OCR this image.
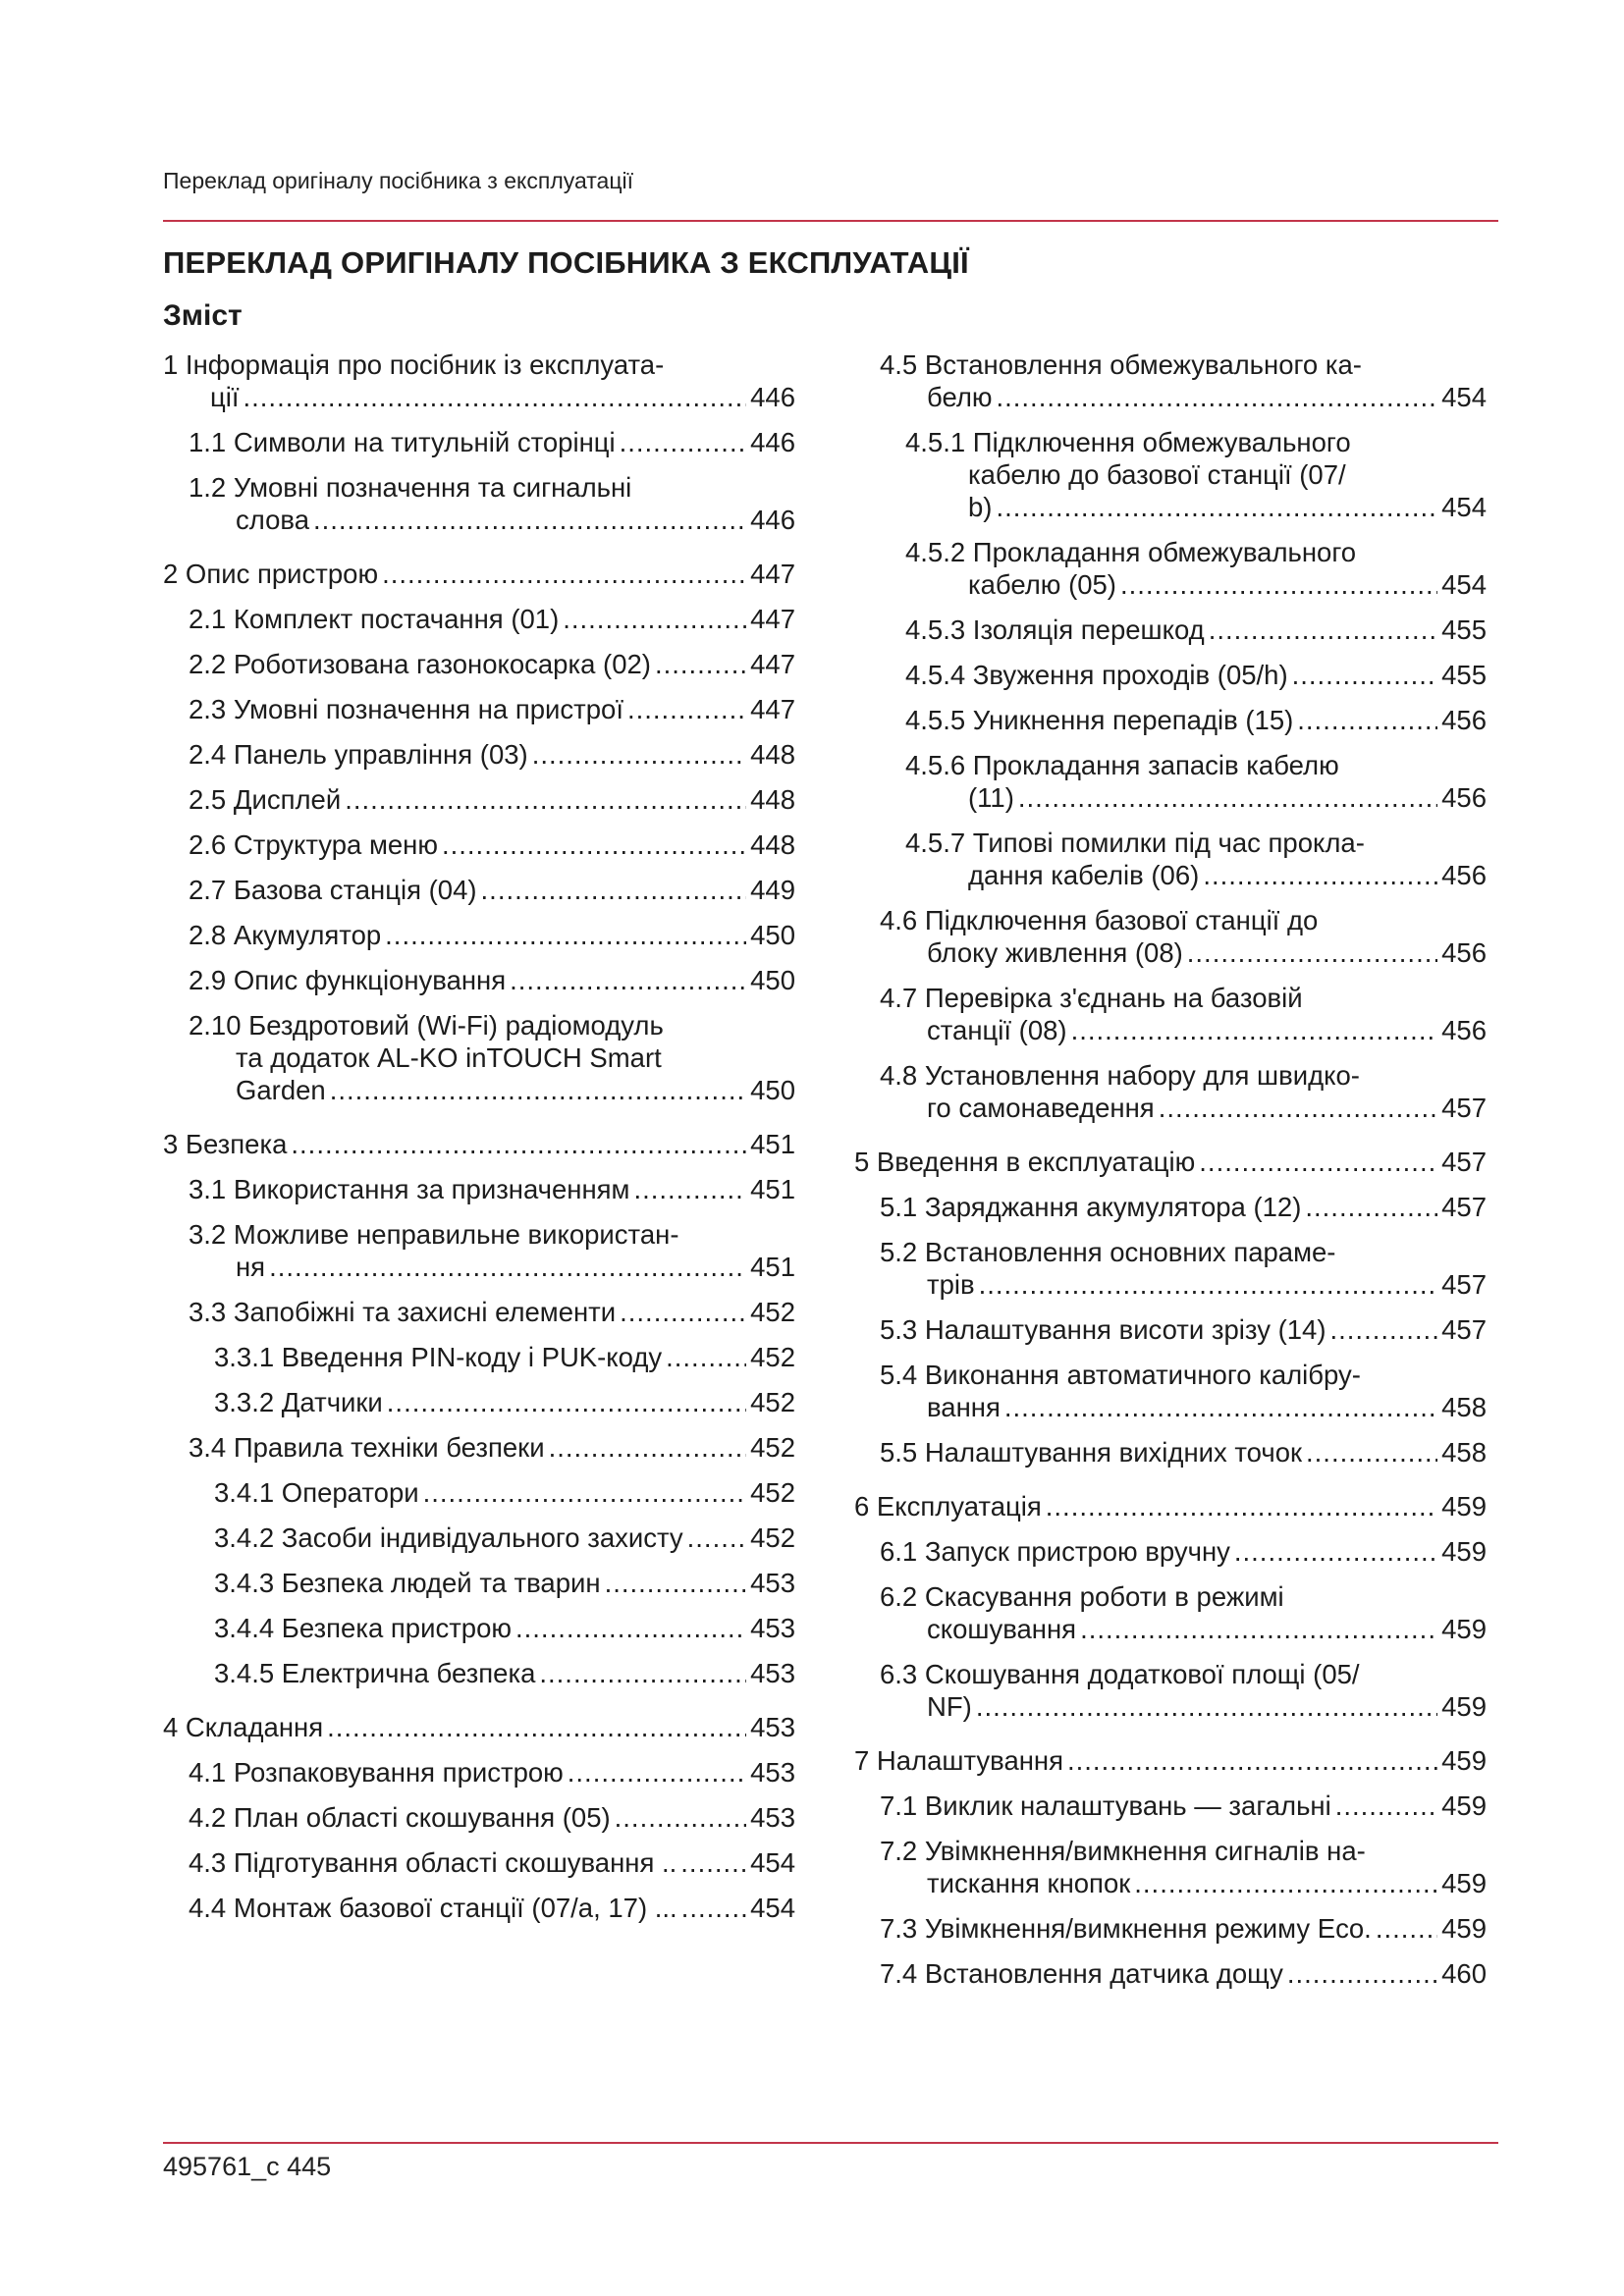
Переклад оригіналу посібника з експлуатації
ПЕРЕКЛАД ОРИГІНАЛУ ПОСІБНИКА З ЕКСПЛУАТАЦІЇ
Зміст
1 Інформація про посібник із експлуата-
ції .....	446
1.1 Символи на титульній сторінці .....	446
1.2 Умовні позначення та сигнальні
слова .....	446
2 Опис пристрою .....	447
2.1 Комплект постачання (01) .....	447
2.2 Роботизована газонокосарка (02) .....	447
2.3 Умовні позначення на пристрої .....	447
2.4 Панель управління (03) .....	448
2.5 Дисплей .....	448
2.6 Структура меню .....	448
2.7 Базова станція (04) .....	449
2.8 Акумулятор .....	450
2.9 Опис функціонування .....	450
2.10 Бездротовий (Wi-Fi) радіомодуль
та додаток AL-KO inTOUCH Smart
Garden .....	450
3 Безпека .....	451
3.1 Використання за призначенням .....	451
3.2 Можливе неправильне використан-
ня .....	451
3.3 Запобіжні та захисні елементи .....	452
3.3.1 Введення PIN-коду і PUK-коду .....	452
3.3.2 Датчики .....	452
3.4 Правила техніки безпеки .....	452
3.4.1 Оператори .....	452
3.4.2 Засоби індивідуального захисту ..... 452
3.4.3 Безпека людей та тварин .....	453
3.4.4 Безпека пристрою .....	453
3.4.5 Електрична безпека .....	453
4 Складання .....	453
4.1 Розпаковування пристрою .....	453
4.2 План області скошування (05) .....	453
4.3 Підготування області скошування .. .....	454
4.4 Монтаж базової станції (07/a, 17) ... .....	454
4.5 Встановлення обмежувального ка-
белю .....	454
4.5.1 Підключення обмежувального
кабелю до базової станції (07/
b) .....	454
4.5.2 Прокладання обмежувального
кабелю (05) .....	454
4.5.3 Ізоляція перешкод .....	455
4.5.4 Звуження проходів (05/h) .....	455
4.5.5 Уникнення перепадів (15) .....	456
4.5.6 Прокладання запасів кабелю
(11) .....	456
4.5.7 Типові помилки під час прокла-
дання кабелів (06) .....	456
4.6 Підключення базової станції до
блоку живлення (08) .....	456
4.7 Перевірка з'єднань на базовій
станції (08) .....	456
4.8 Установлення набору для швидко-
го самонаведення .....	457
5 Введення в експлуатацію .....	457
5.1 Заряджання акумулятора (12) .....	457
5.2 Встановлення основних параме-
трів .....	457
5.3 Налаштування висоти зрізу (14) .....	457
5.4 Виконання автоматичного калібру-
вання .....	458
5.5 Налаштування вихідних точок .....	458
6 Експлуатація .....	459
6.1 Запуск пристрою вручну .....	459
6.2 Скасування роботи в режимі
скошування .....	459
6.3 Скошування додаткової площі (05/
NF) .....	459
7 Налаштування .....	459
7.1 Виклик налаштувань — загальні .....	459
7.2 Увімкнення/вимкнення сигналів на-
тискання кнопок .....	459
7.3 Увімкнення/вимкнення режиму Eco. .....	459
7.4 Встановлення датчика дощу .....	460
495761_c 445
